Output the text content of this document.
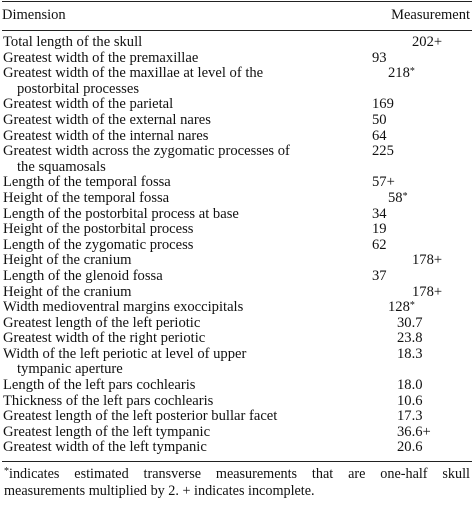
Dimension	Measurement

Total length of the skull	202+
Greatest width of the premaxillae	93
Greatest width of the maxillae at level of the
postorbital processes	218*
Greatest width of the parietal	169
Greatest width of the external nares	50
Greatest width of the internal nares	64
Greatest width across the zygomatic processes of
the squamosals	225
Length of the temporal fossa	57+
Height of the temporal fossa	58*
Length of the postorbital process at base	34
Height of the postorbital process	19
Length of the zygomatic process	62
Height of the cranium	178+
Length of the glenoid fossa	37
Height of the cranium	178+
Width medioventral margins exoccipitals	128*
Greatest length of the left periotic	30.7
Greatest width of the right periotic	23.8
Width of the left periotic at level of upper
tympanic aperture	18.3
Length of the left pars cochlearis	18.0
Thickness of the left pars cochlearis	10.6
Greatest length of the left posterior bullar facet	17.3
Greatest length of the left tympanic	36.6+
Greatest width of the left tympanic	20.6

*indicates estimated transverse measurements that are one-half skull measurements multiplied by 2. + indicates incomplete.
